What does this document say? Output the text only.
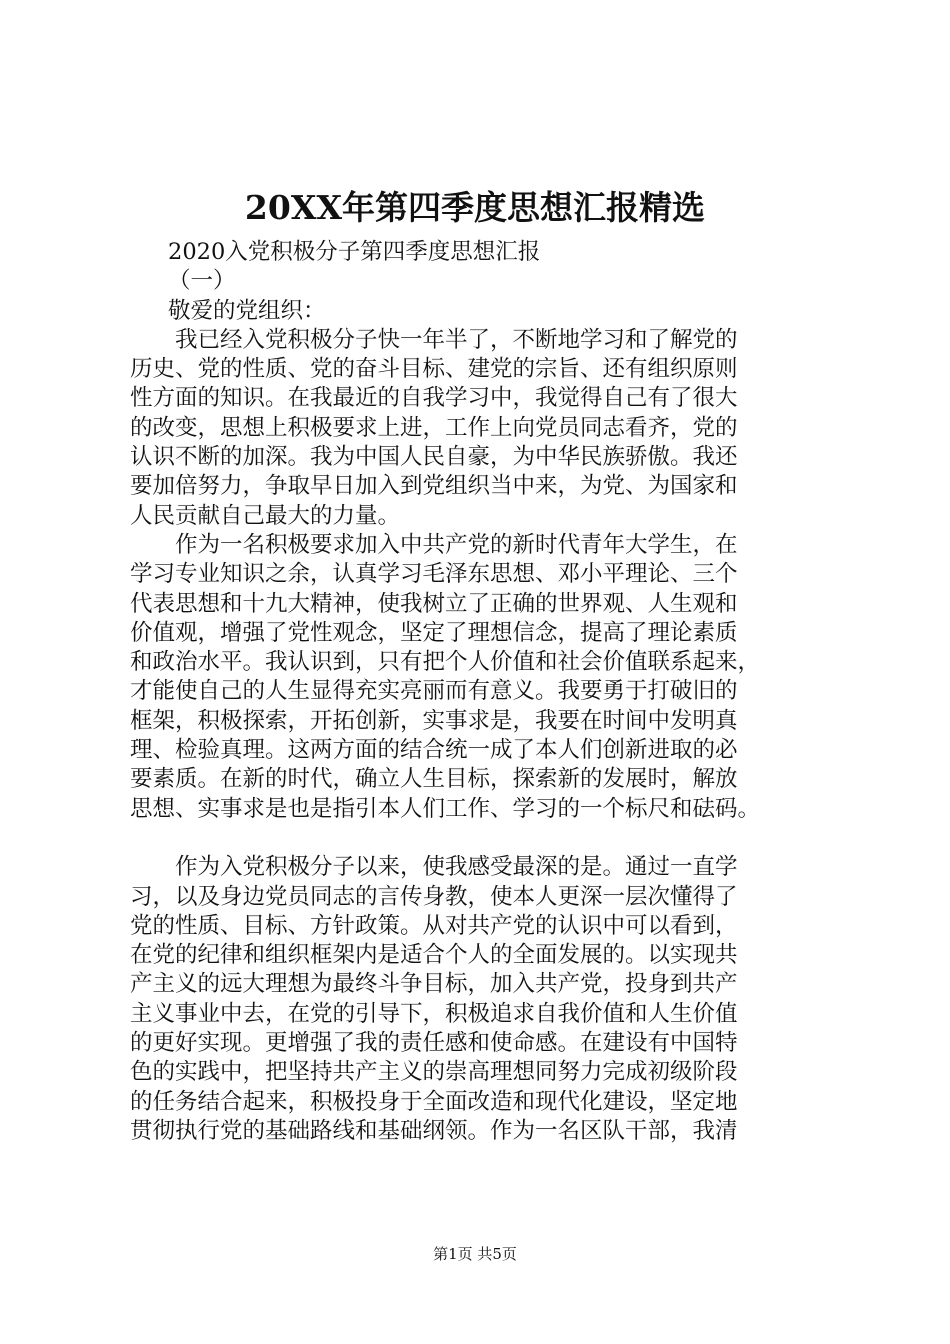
20XX年第四季度思想汇报精选
2020入党积极分子第四季度思想汇报
（一）
敬爱的党组织：
我已经入党积极分子快一年半了，不断地学习和了解党的
历史、党的性质、党的奋斗目标、建党的宗旨、还有组织原则
性方面的知识。在我最近的自我学习中，我觉得自己有了很大
的改变，思想上积极要求上进，工作上向党员同志看齐，党的
认识不断的加深。我为中国人民自豪，为中华民族骄傲。我还
要加倍努力，争取早日加入到党组织当中来，为党、为国家和
人民贡献自己最大的力量。
作为一名积极要求加入中共产党的新时代青年大学生，在
学习专业知识之余，认真学习毛泽东思想、邓小平理论、三个
代表思想和十九大精神，使我树立了正确的世界观、人生观和
价值观，增强了党性观念，坚定了理想信念，提高了理论素质
和政治水平。我认识到，只有把个人价值和社会价值联系起来，
才能使自己的人生显得充实亮丽而有意义。我要勇于打破旧的
框架，积极探索，开拓创新，实事求是，我要在时间中发明真
理、检验真理。这两方面的结合统一成了本人们创新进取的必
要素质。在新的时代，确立人生目标，探索新的发展时，解放
思想、实事求是也是指引本人们工作、学习的一个标尺和砝码。
作为入党积极分子以来，使我感受最深的是。通过一直学
习，以及身边党员同志的言传身教，使本人更深一层次懂得了
党的性质、目标、方针政策。从对共产党的认识中可以看到，
在党的纪律和组织框架内是适合个人的全面发展的。以实现共
产主义的远大理想为最终斗争目标，加入共产党，投身到共产
主义事业中去，在党的引导下，积极追求自我价值和人生价值
的更好实现。更增强了我的责任感和使命感。在建设有中国特
色的实践中，把坚持共产主义的崇高理想同努力完成初级阶段
的任务结合起来，积极投身于全面改造和现代化建设，坚定地
贯彻执行党的基础路线和基础纲领。作为一名区队干部，我清
第1页 共5页
